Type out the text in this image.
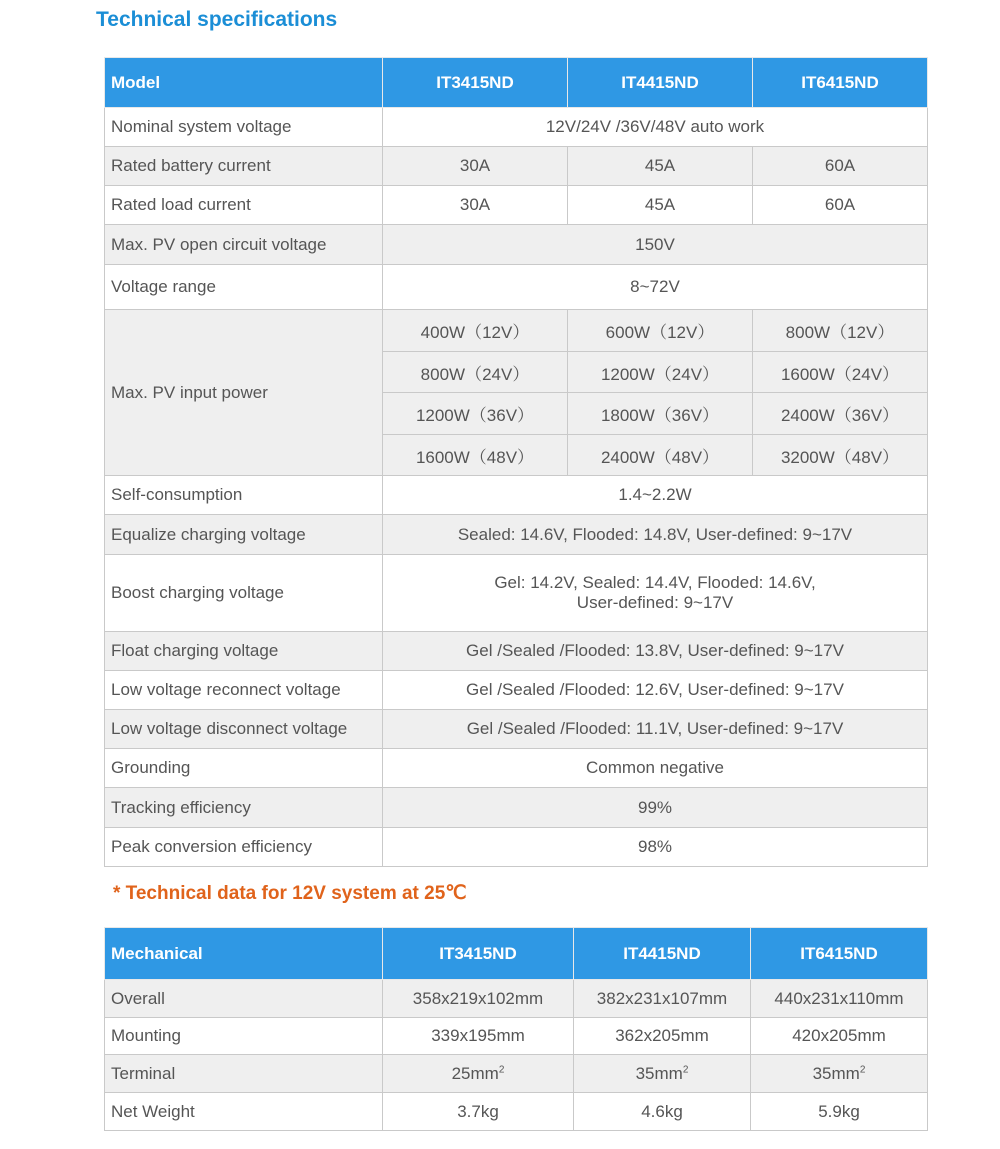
Technical specifications
Model	IT3415ND	IT4415ND	IT6415ND
Nominal system voltage	12V/24V /36V/48V auto work		
Rated battery current	30A	45A	60A
Rated load current	30A	45A	60A
Max. PV open circuit voltage	150V		
Voltage range	8~72V		
Max. PV input power	400W（12V）	600W（12V）	800W（12V）
	800W（24V）	1200W（24V）	1600W（24V）
	1200W（36V）	1800W（36V）	2400W（36V）
	1600W（48V）	2400W（48V）	3200W（48V）
Self-consumption	1.4~2.2W		
Equalize charging voltage	Sealed: 14.6V, Flooded: 14.8V, User-defined: 9~17V		
Boost charging voltage	Gel: 14.2V, Sealed: 14.4V, Flooded: 14.6V,
User-defined: 9~17V		

Float charging voltage	Gel /Sealed /Flooded: 13.8V, User-defined: 9~17V		
Low voltage reconnect voltage	Gel /Sealed /Flooded: 12.6V, User-defined: 9~17V		
Low voltage disconnect voltage	Gel /Sealed /Flooded: 11.1V, User-defined: 9~17V		
Grounding	Common negative		
Tracking efficiency	99%		
Peak conversion efficiency	98%		

* Technical data for 12V system at 25℃

Mechanical	IT3415ND	IT4415ND	IT6415ND
Overall	358x219x102mm	382x231x107mm	440x231x110mm
Mounting	339x195mm	362x205mm	420x205mm
Terminal	$25mm^2$	$35mm^2$	$35mm^2$
Net Weight	3.7kg	4.6kg	5.9kg
